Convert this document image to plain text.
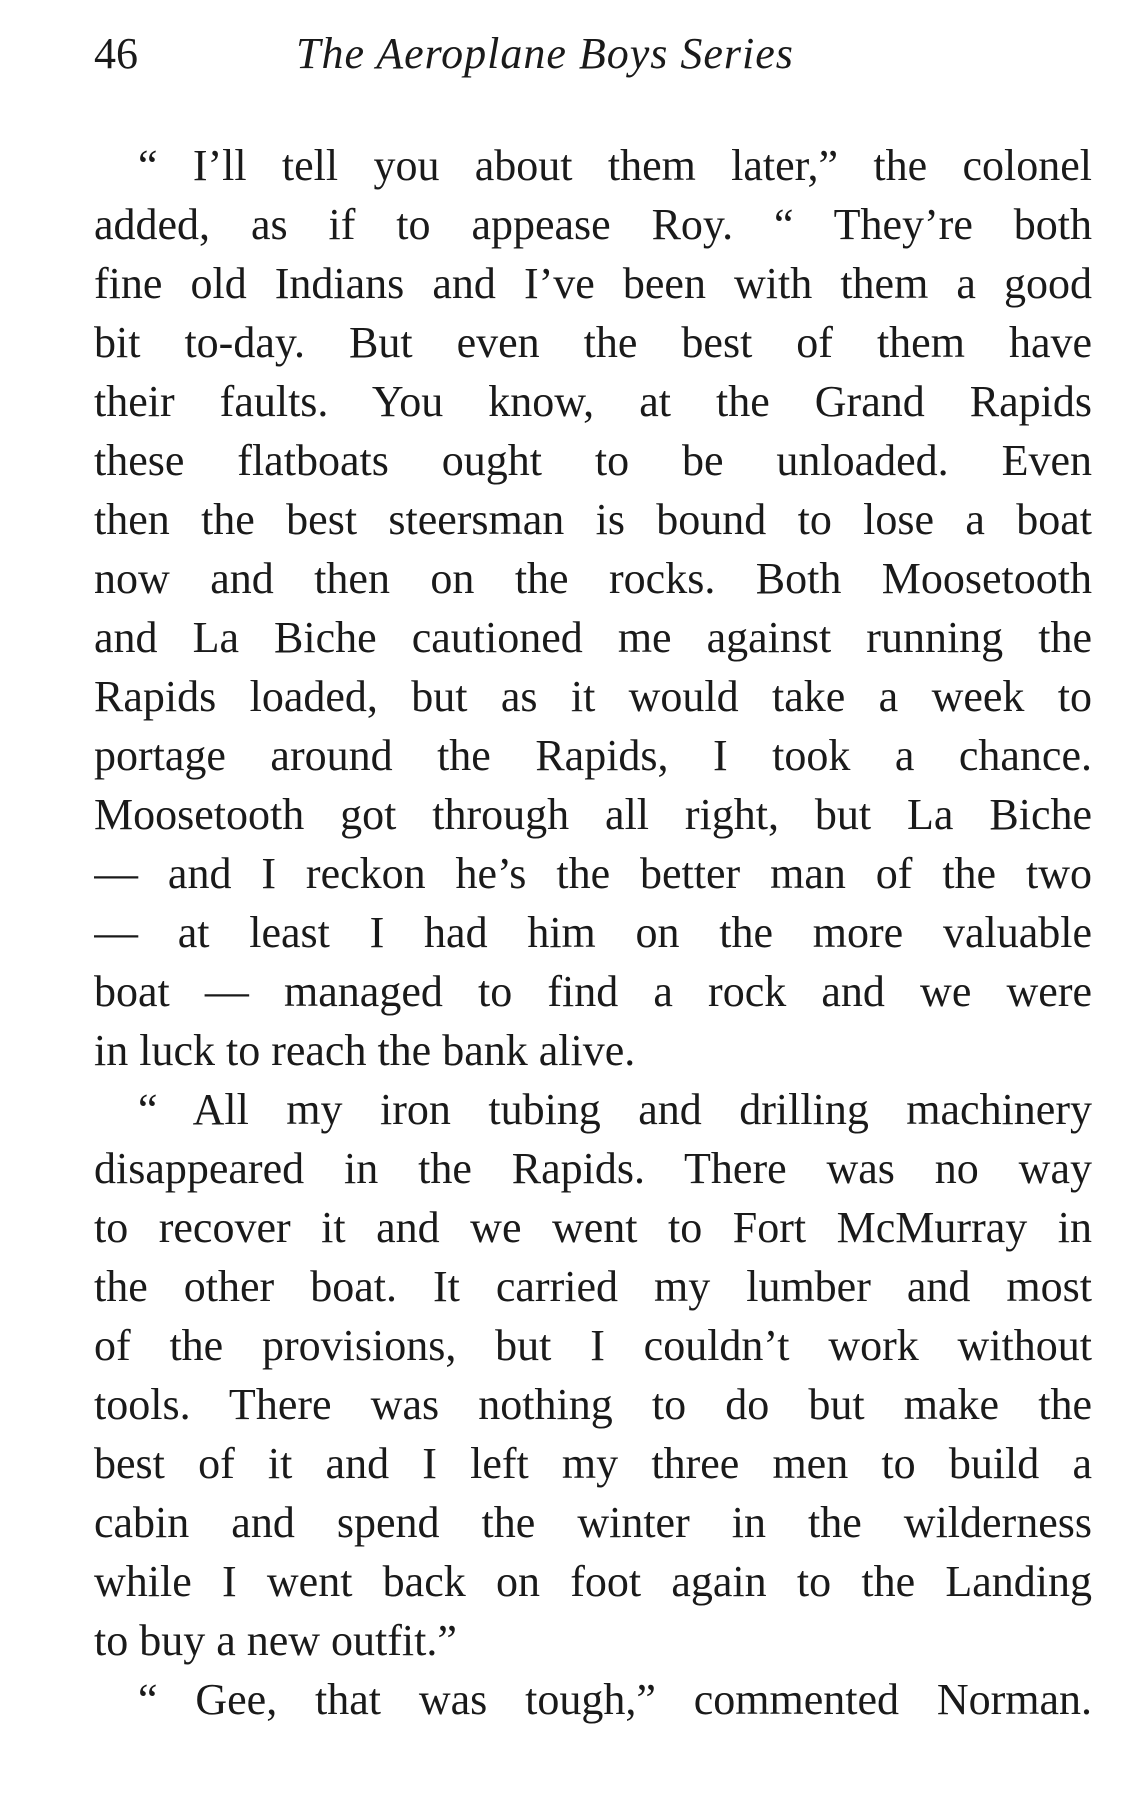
46	The Aeroplane Boys Series
“ I’ll tell you about them later,” the colonel
added, as if to appease Roy. “ They’re both
fine old Indians and I’ve been with them a good
bit to-day. But even the best of them have
their faults. You know, at the Grand Rapids
these flatboats ought to be unloaded. Even
then the best steersman is bound to lose a boat
now and then on the rocks. Both Moosetooth
and La Biche cautioned me against running the
Rapids loaded, but as it would take a week to
portage around the Rapids, I took a chance.
Moosetooth got through all right, but La Biche
— and I reckon he’s the better man of the two
— at least I had him on the more valuable
boat — managed to find a rock and we were
in luck to reach the bank alive.
“ All my iron tubing and drilling machinery
disappeared in the Rapids. There was no way
to recover it and we went to Fort McMurray in
the other boat. It carried my lumber and most
of the provisions, but I couldn’t work without
tools. There was nothing to do but make the
best of it and I left my three men to build a
cabin and spend the winter in the wilderness
while I went back on foot again to the Landing
to buy a new outfit.”
“ Gee, that was tough,” commented Norman.
